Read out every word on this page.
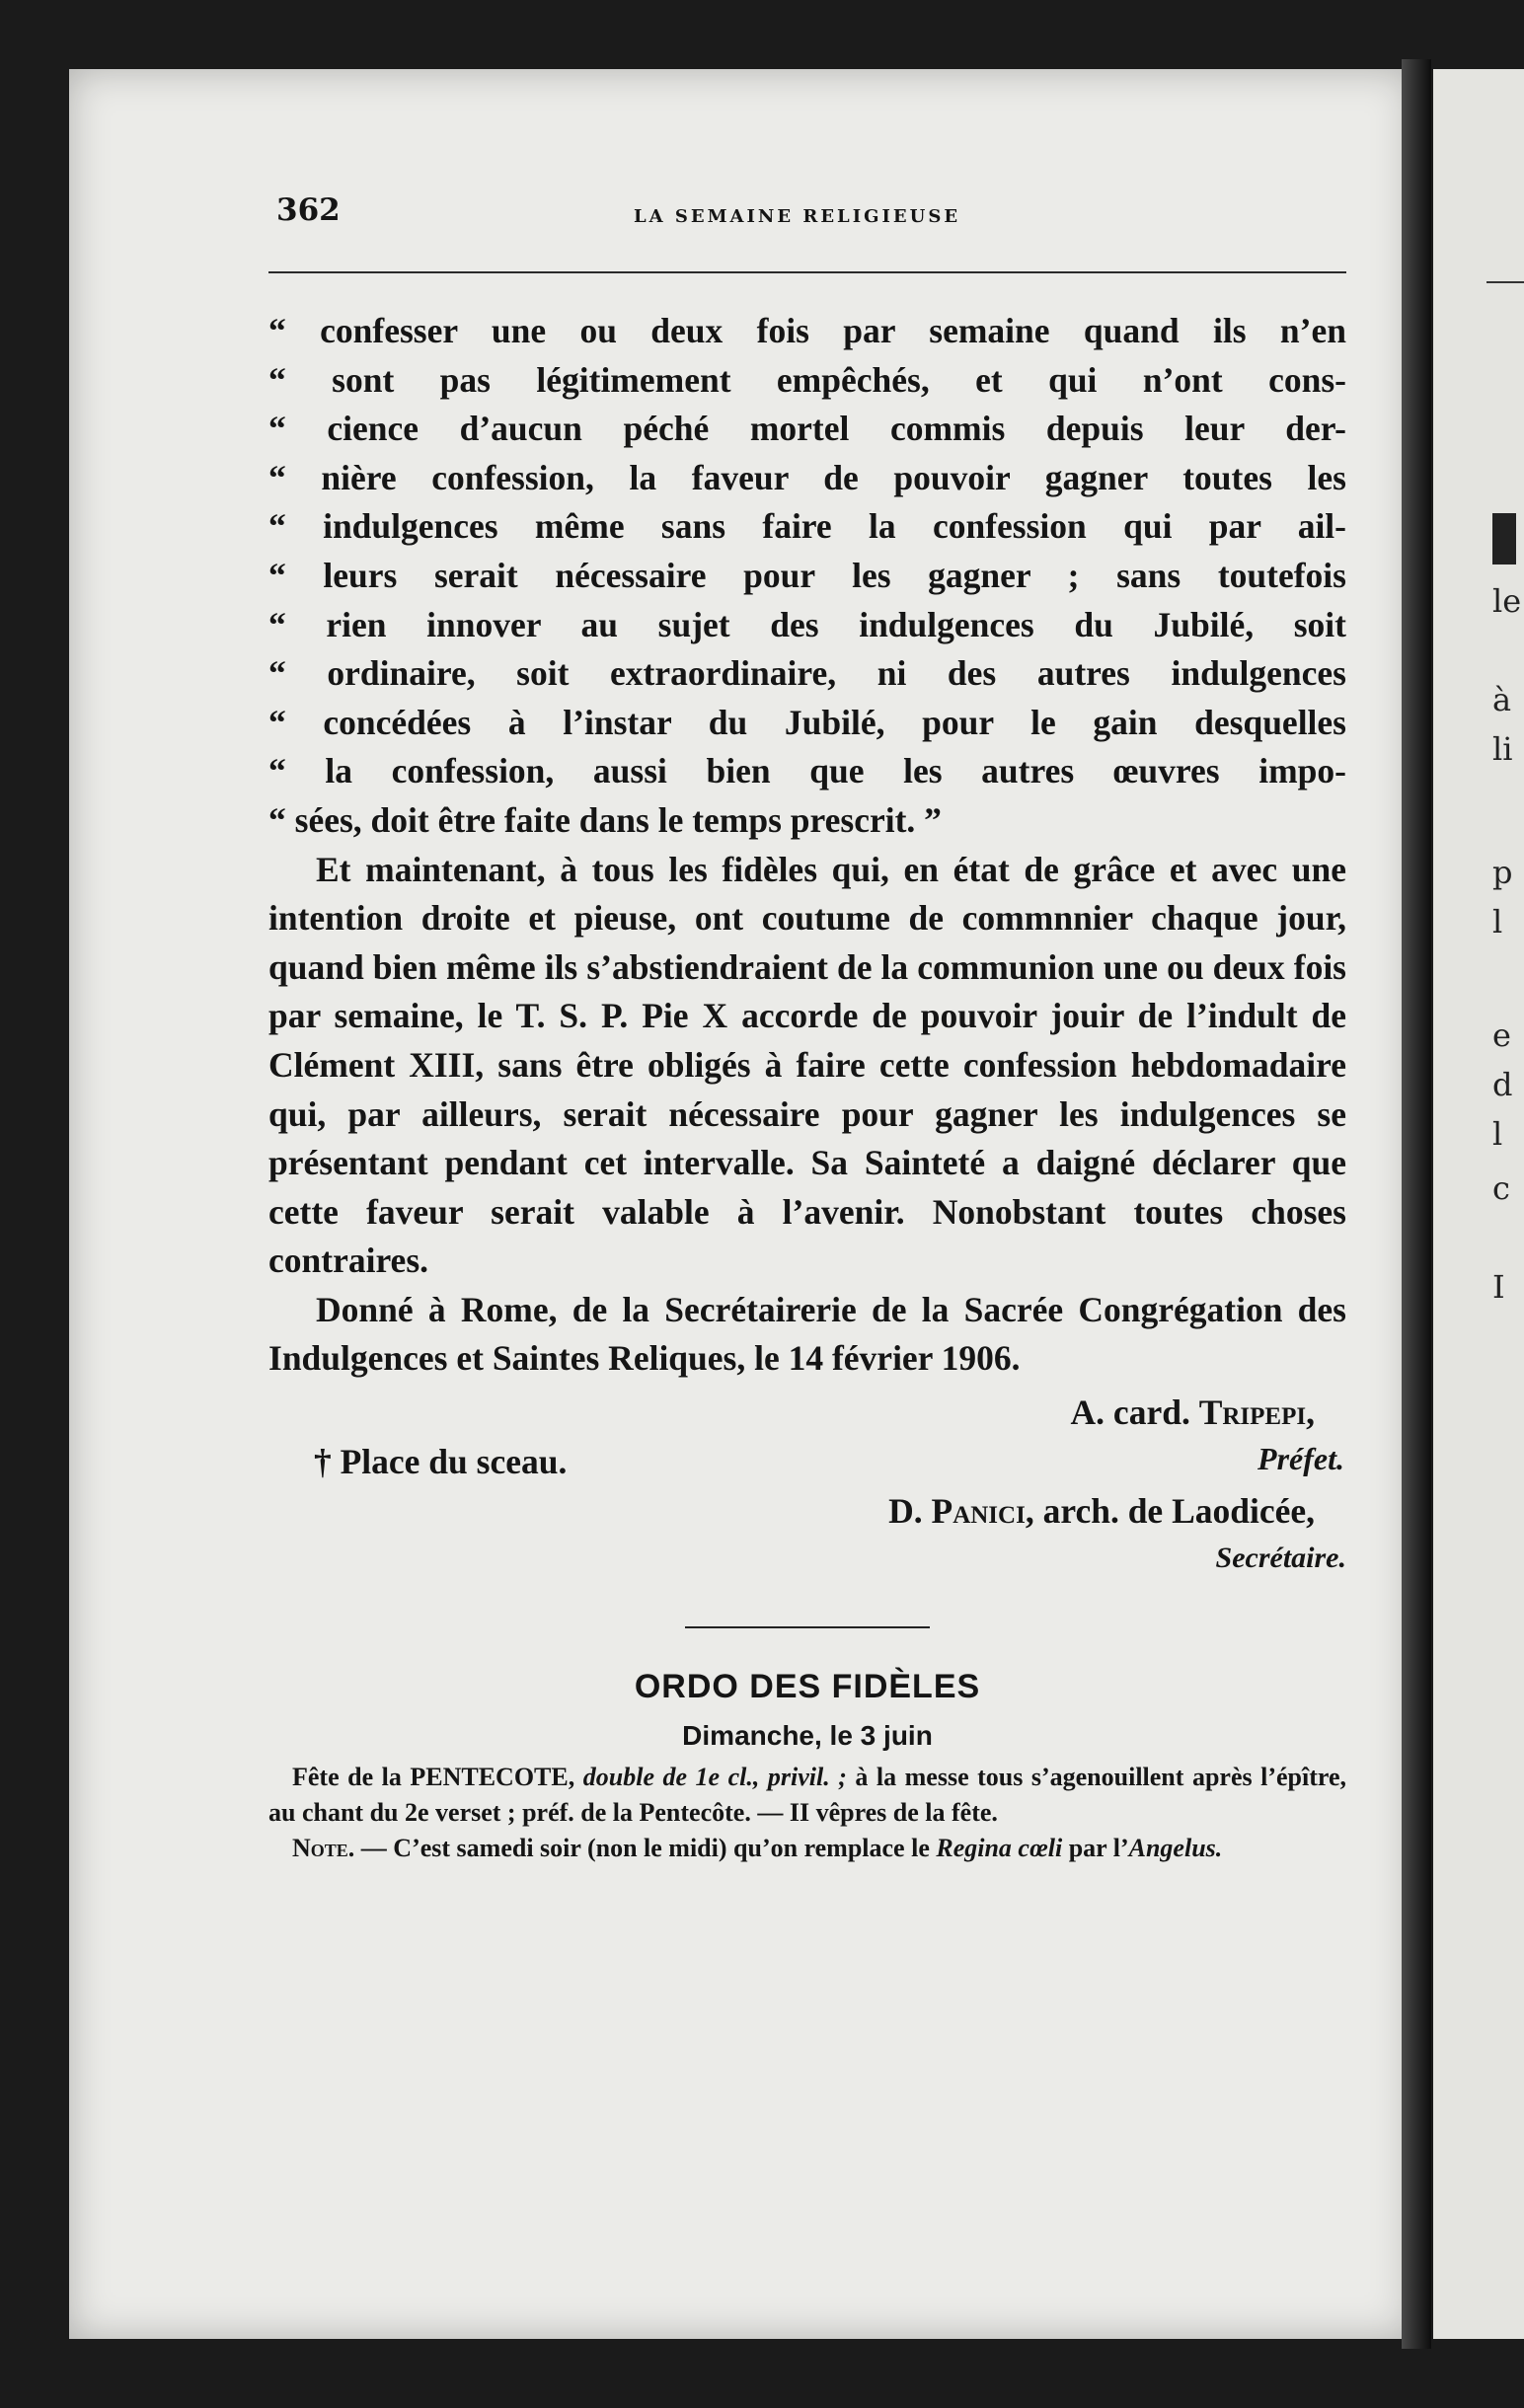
le
à
li
p
l
e
d
l
c
I
362	LA SEMAINE RELIGIEUSE
“ confesser une ou deux fois par semaine quand ils n’en
“ sont pas légitimement empêchés, et qui n’ont cons-
“ cience d’aucun péché mortel commis depuis leur der-
“ nière confession, la faveur de pouvoir gagner toutes les
“ indulgences même sans faire la confession qui par ail-
“ leurs serait nécessaire pour les gagner ; sans toutefois
“ rien innover au sujet des indulgences du Jubilé, soit
“ ordinaire, soit extraordinaire, ni des autres indulgences
“ concédées à l’instar du Jubilé, pour le gain desquelles
“ la confession, aussi bien que les autres œuvres impo-
“ sées, doit être faite dans le temps prescrit. ”

Et maintenant, à tous les fidèles qui, en état de grâce et avec une intention droite et pieuse, ont coutume de commnnier chaque jour, quand bien même ils s’abstiendraient de la communion une ou deux fois par semaine, le T. S. P. Pie X accorde de pouvoir jouir de l’indult de Clément XIII, sans être obligés à faire cette confession hebdomadaire qui, par ailleurs, serait nécessaire pour gagner les indulgences se présentant pendant cet intervalle. Sa Sainteté a daigné déclarer que cette faveur serait valable à l’avenir. Nonobstant toutes choses contraires.

Donné à Rome, de la Secrétairerie de la Sacrée Congrégation des Indulgences et Saintes Reliques, le 14 février 1906.

A. card. Tripepi,
† Place du sceau.	Préfet.
D. Panici, arch. de Laodicée,
Secrétaire.
ORDO DES FIDÈLES
Dimanche, le 3 juin

Fête de la PENTECOTE, double de 1e cl., privil. ; à la messe tous s’agenouillent après l’épître, au chant du 2e verset ; préf. de la Pentecôte. — II vêpres de la fête.

Note. — C’est samedi soir (non le midi) qu’on remplace le Regina cœli par l’Angelus.
